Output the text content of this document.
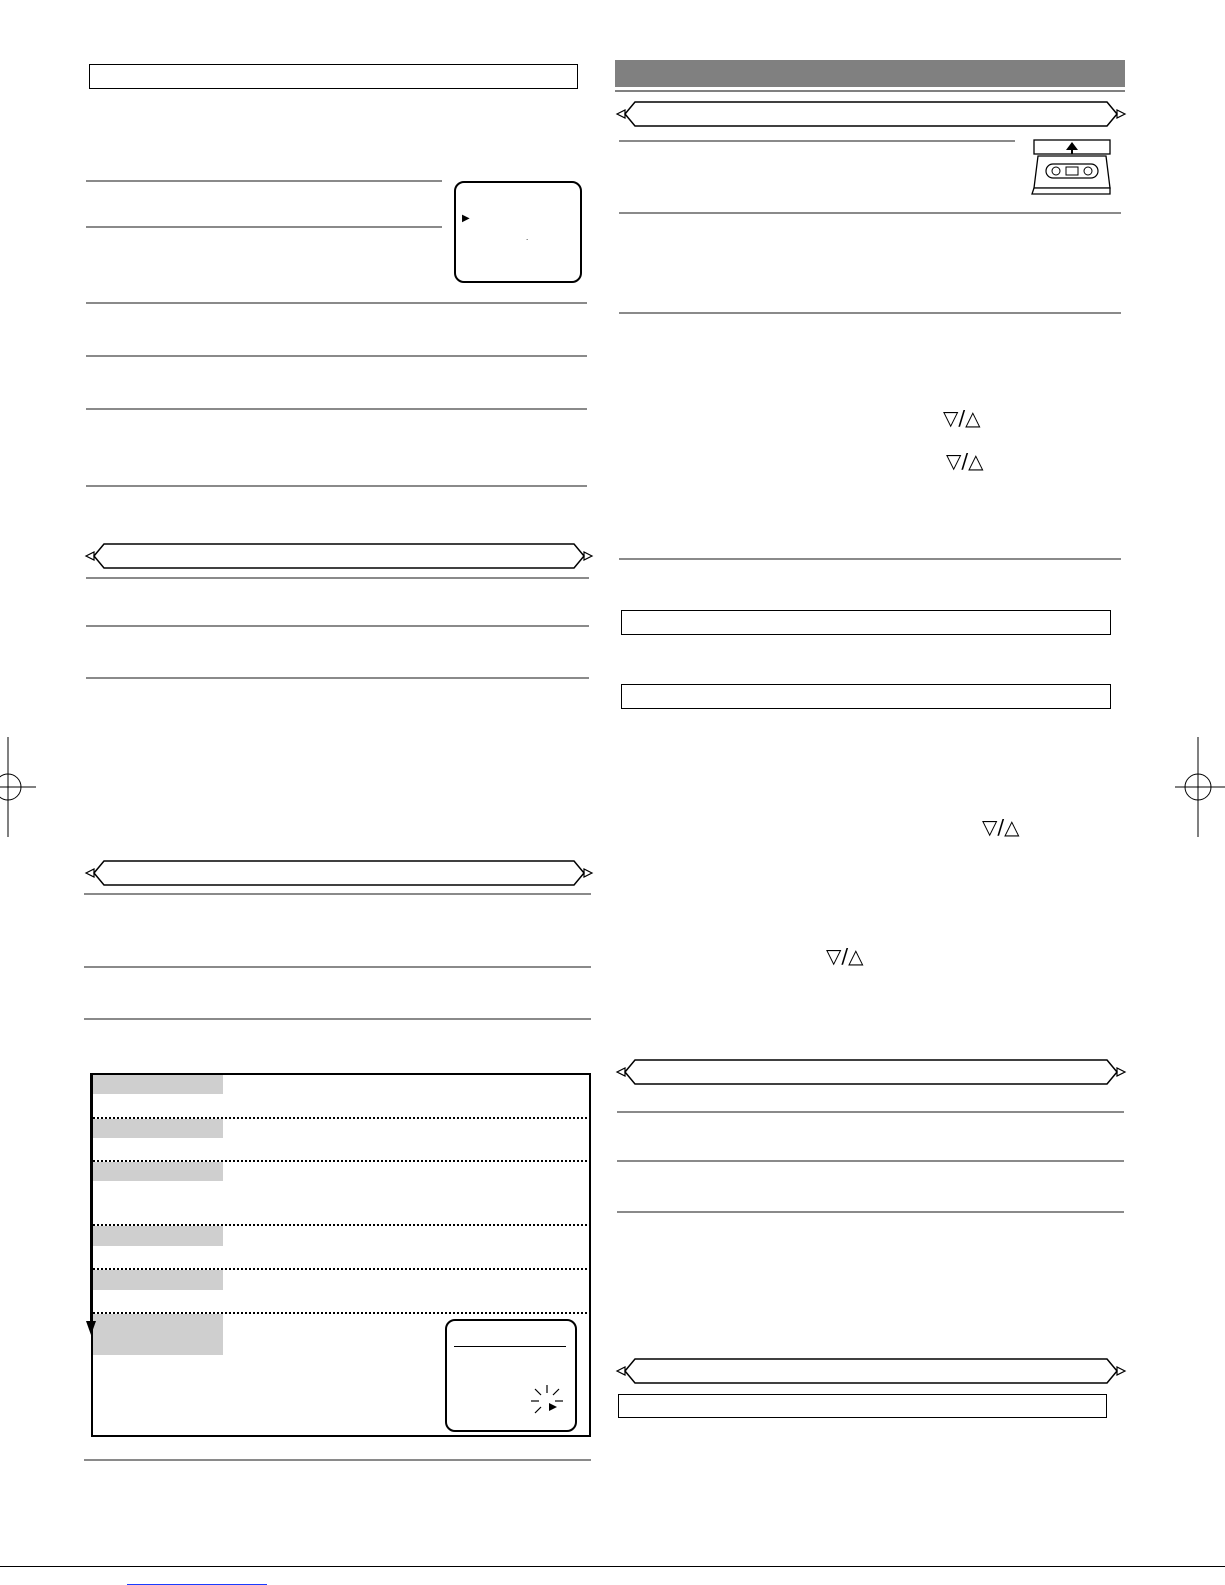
▶
.
▽/△
▽/△
▽/△
▽/△
